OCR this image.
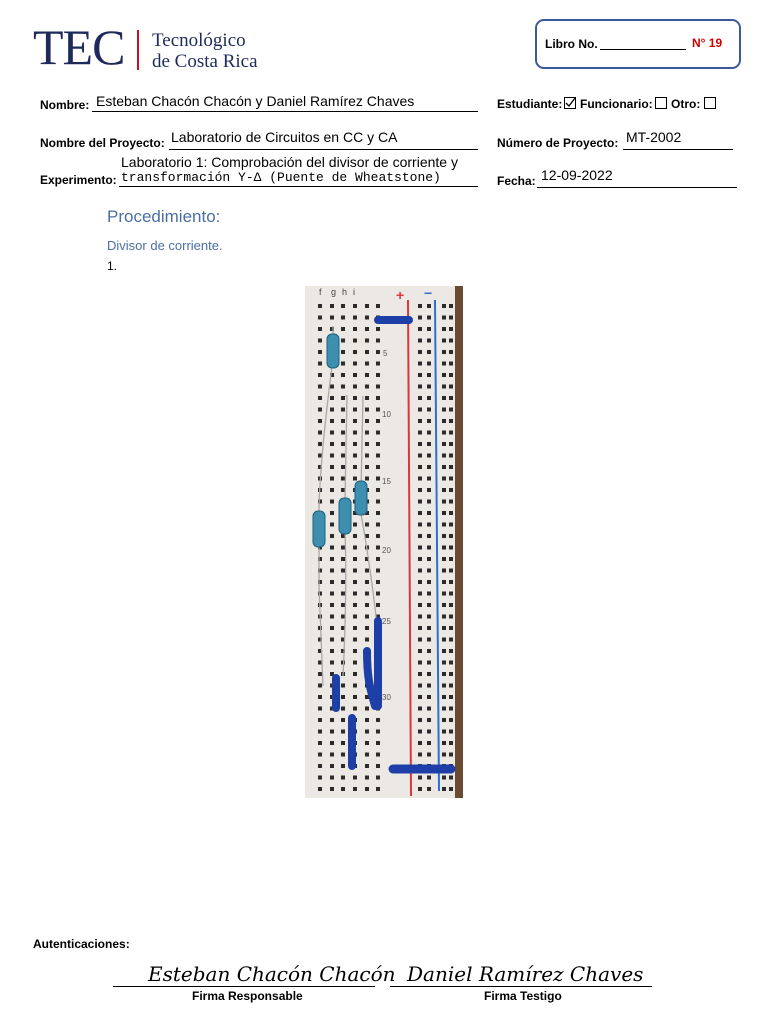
TEC Tecnológico
de Costa Rica
Libro No.	N° 19
Nombre: Esteban Chacón Chacón y Daniel Ramírez Chaves	Estudiante: Funcionario: Otro:
Nombre del Proyecto: Laboratorio de Circuitos en CC y CA	Número de Proyecto: MT-2002
Laboratorio 1: Comprobación del divisor de corriente y
Experimento: transformación Y-Δ (Puente de Wheatstone)	Fecha: 12-09-2022
Procedimiento:
Divisor de corriente.
1.
+ −
f g h i
5
10
15
20
25
30
Autenticaciones:
Esteban Chacón Chacón Daniel Ramírez Chaves
Firma Responsable	Firma Testigo
